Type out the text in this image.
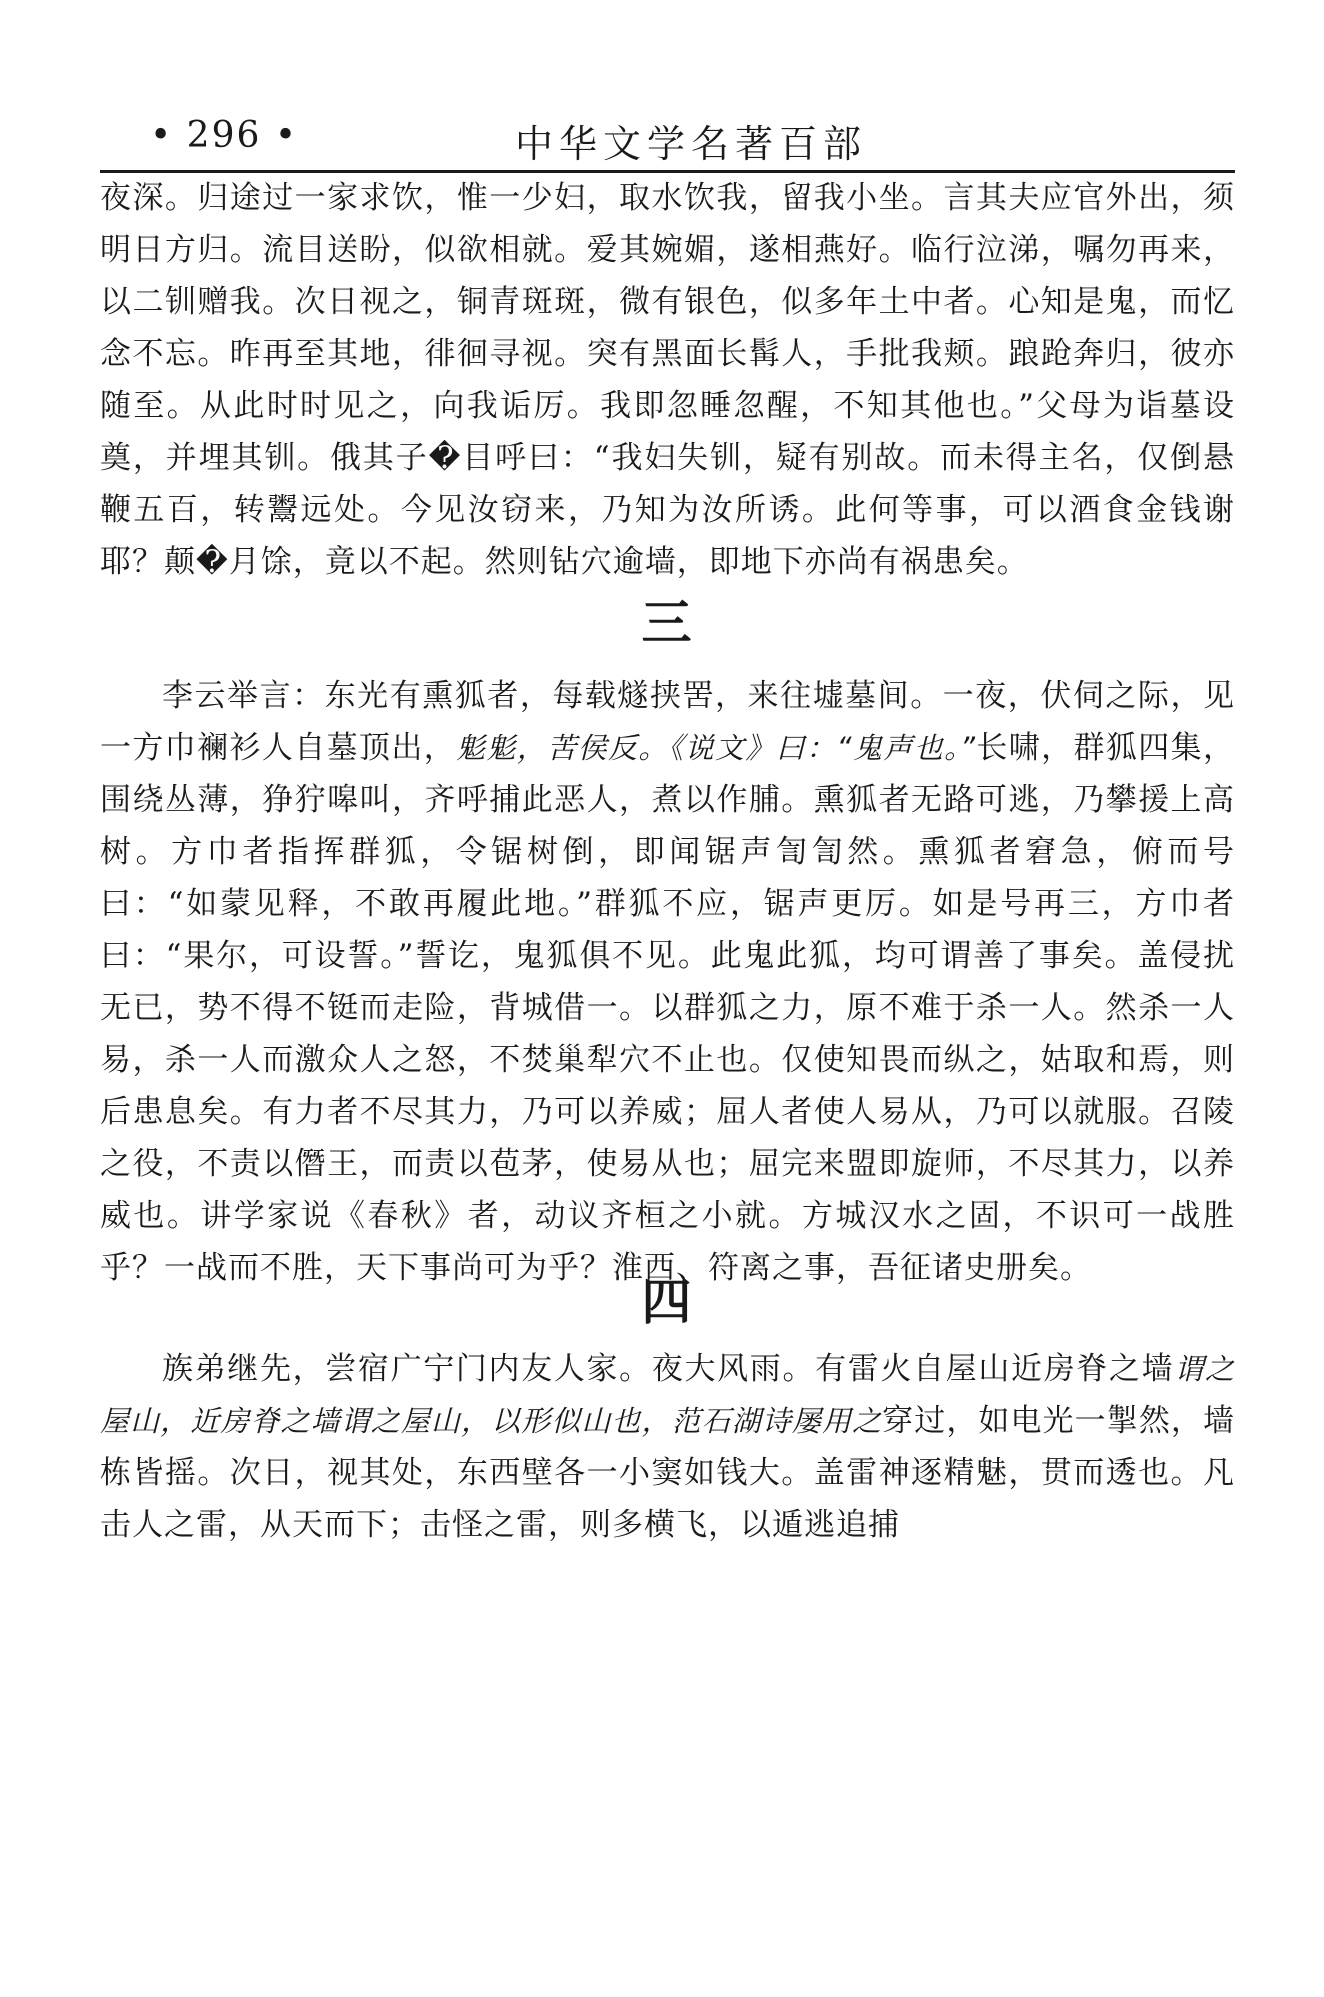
• 296 •	中华文学名著百部

夜深。归途过一家求饮，惟一少妇，取水饮我，留我小坐。言其夫应官外出，须明日方归。流目送盼，似欲相就。爱其婉媚，遂相燕好。临行泣涕，嘱勿再来，以二钏赠我。次日视之，铜青斑斑，微有银色，似多年土中者。心知是鬼，而忆念不忘。昨再至其地，徘徊寻视。突有黑面长髯人，手批我颊。踉跄奔归，彼亦随至。从此时时见之，向我诟厉。我即忽睡忽醒，不知其他也。”父母为诣墓设奠，并埋其钏。俄其子�目呼曰：“我妇失钏，疑有别故。而未得主名，仅倒悬鞭五百，转鬻远处。今见汝窃来，乃知为汝所诱。此何等事，可以酒食金钱谢耶？颠�月馀，竟以不起。然则钻穴逾墙，即地下亦尚有祸患矣。

三

李云举言：东光有熏狐者，每载燧挟罟，来往墟墓间。一夜，伏伺之际，见一方巾襕衫人自墓顶出，鬽鬽，苦侯反。《说文》曰：“鬼声也。”长啸，群狐四集，围绕丛薄，狰狞嗥叫，齐呼捕此恶人，煮以作脯。熏狐者无路可逃，乃攀援上高树。方巾者指挥群狐，令锯树倒，即闻锯声訇訇然。熏狐者窘急，俯而号曰：“如蒙见释，不敢再履此地。”群狐不应，锯声更厉。如是号再三，方巾者曰：“果尔，可设誓。”誓讫，鬼狐俱不见。此鬼此狐，均可谓善了事矣。盖侵扰无已，势不得不铤而走险，背城借一。以群狐之力，原不难于杀一人。然杀一人易，杀一人而激众人之怒，不焚巢犁穴不止也。仅使知畏而纵之，姑取和焉，则后患息矣。有力者不尽其力，乃可以养威；屈人者使人易从，乃可以就服。召陵之役，不责以僭王，而责以苞茅，使易从也；屈完来盟即旋师，不尽其力，以养威也。讲学家说《春秋》者，动议齐桓之小就。方城汉水之固，不识可一战胜乎？一战而不胜，天下事尚可为乎？淮西、符离之事，吾征诸史册矣。

四

族弟继先，尝宿广宁门内友人家。夜大风雨。有雷火自屋山近房脊之墙谓之屋山，近房脊之墙谓之屋山，以形似山也，范石湖诗屡用之穿过，如电光一掣然，墙栋皆摇。次日，视其处，东西壁各一小窦如钱大。盖雷神逐精魅，贯而透也。凡击人之雷，从天而下；击怪之雷，则多横飞，以遁逃追捕
